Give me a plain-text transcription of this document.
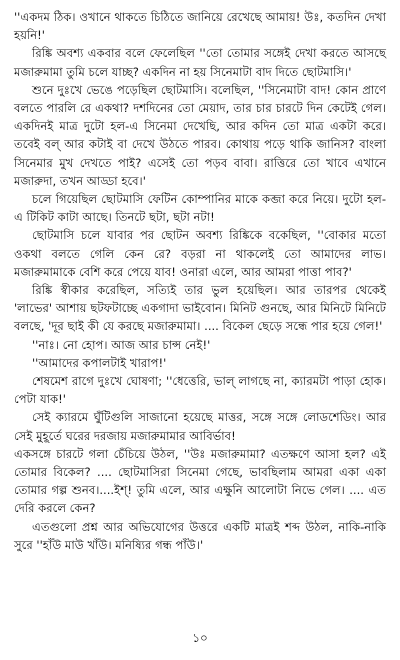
''একদম ঠিক। ওখানে থাকতে চিঠিতে জানিয়ে রেখেছে আমায়! উঃ, কতদিন দেখা হয়নি!'

রিঙ্কি অবশ্য একবার বলে ফেলেছিল ''তো তোমার সঙ্গেই দেখা করতে আসছে মজারুমামা তুমি চলে যাচ্ছ? একদিন না হয় সিনেমাটা বাদ দিতে ছোটমাসি।'

শুনে দুঃখে ভেঙে পড়েছিল ছোটমাসি। বলেছিল, ''সিনেমাটা বাদ! কোন প্রাণে বলতে পারলি রে একথা? দশদিনের তো মেয়াদ, তার চার চারটে দিন কেটেই গেল। একদিনই মাত্র দুটো হল-এ সিনেমা দেখেছি, আর কদিন তো মাত্র একটা করে। তবেই বল্ আর কটাই বা দেখে উঠতে পারব। কোথায় পড়ে থাকি জানিস? বাংলা সিনেমার মুখ দেখতে পাই? এসেই তো পড়ব বাবা। রাত্তিরে তো খাবে এখানে মজারুদা, তখন আড্ডা হবে।'

চলে গিয়েছিল ছোটমাসি ফেটিন কোম্পানির মাকে কব্জা করে নিয়ে। দুটো হল-এ টিকিট কাটা আছে। তিনটে ছটা, ছটা নটা!

ছোটমাসি চলে যাবার পর ছোটন অবশ্য রিঙ্কিকে বকেছিল, ''বোকার মতো ওকথা বলতে গেলি কেন রে? বড়রা না থাকলেই তো আমাদের লাভ। মজারুমামাকে বেশি করে পেয়ে যাব! ওনারা এলে, আর আমরা পাত্তা পাব?'

রিঙ্কি স্বীকার করেছিল, সত্যিই তার ভুল হয়েছিল। আর তারপর থেকেই 'লাভের' আশায় ছটফটাচ্ছে একগাদা ভাইবোন। মিনিট গুনছে, আর মিনিটে মিনিটে বলছে, 'দূর ছাই কী যে করছে মজারুমামা। .... বিকেল ছেড়ে সন্ধে পার হয়ে গেল!'

''নাঃ। নো হোপ। আজ আর চান্স নেই!'

''আমাদের কপালটাই খারাপ!'

শেষমেশ রাগে দুঃখে ঘোষণা; ''ধেত্তেরি, ভাল্ লাগছে না, ক্যারমটা পাড়া হোক। পেটা যাক!'

সেই ক্যারমে ঘুঁটিগুলি সাজানো হয়েছে মাত্তর, সঙ্গে সঙ্গে লোডশেডিং। আর সেই মুহূর্তে ঘরের দরজায় মজারুমামার আবির্ভাব!

একসঙ্গে চারটে গলা চেঁচিয়ে উঠল, ''উঃ মজারুমামা? এতক্ষণে আসা হল? এই তোমার বিকেল? .... ছোটমাসিরা সিনেমা গেছে, ভাবছিলাম আমরা একা একা তোমার গল্প শুনব।....ইশ্! তুমি এলে, আর এক্ষুনি আলোটা নিভে গেল। .... এত দেরি করলে কেন?

এতগুলো প্রশ্ন আর অভিযোগের উত্তরে একটি মাত্রই শব্দ উঠল, নাকি-নাকি সুরে ''হাঁউ মাউ খাঁউ। মনিষ্যির গন্ধ পাঁউ।'

১০
